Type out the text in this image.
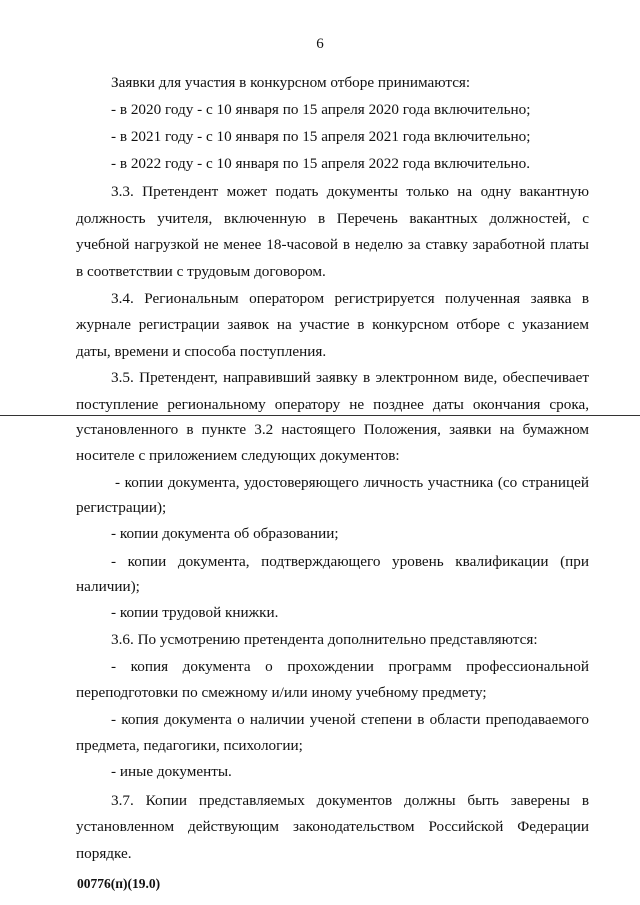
6
Заявки для участия в конкурсном отборе принимаются:
- в 2020 году - с 10 января по 15 апреля 2020 года включительно;
- в 2021 году - с 10 января по 15 апреля 2021 года включительно;
- в 2022 году - с 10 января по 15 апреля 2022 года включительно.
3.3. Претендент может подать документы только на одну вакантную
должность учителя, включенную в Перечень вакантных должностей, с
учебной нагрузкой не менее 18-часовой в неделю за ставку заработной платы
в соответствии с трудовым договором.
3.4. Региональным оператором регистрируется полученная заявка в
журнале регистрации заявок на участие в конкурсном отборе с указанием
даты, времени и способа поступления.
3.5. Претендент, направивший заявку в электронном виде, обеспечивает
поступление региональному оператору не позднее даты окончания срока,
установленного в пункте 3.2 настоящего Положения, заявки на бумажном
носителе с приложением следующих документов:
- копии документа, удостоверяющего личность участника (со страницей
регистрации);
- копии документа об образовании;
- копии документа, подтверждающего уровень квалификации (при
наличии);
- копии трудовой книжки.
3.6. По усмотрению претендента дополнительно представляются:
- копия документа о прохождении программ профессиональной
переподготовки по смежному и/или иному учебному предмету;
- копия документа о наличии ученой степени в области преподаваемого
предмета, педагогики, психологии;
- иные документы.
3.7. Копии представляемых документов должны быть заверены в
установленном действующим законодательством Российской Федерации
порядке.
00776(п)(19.0)
